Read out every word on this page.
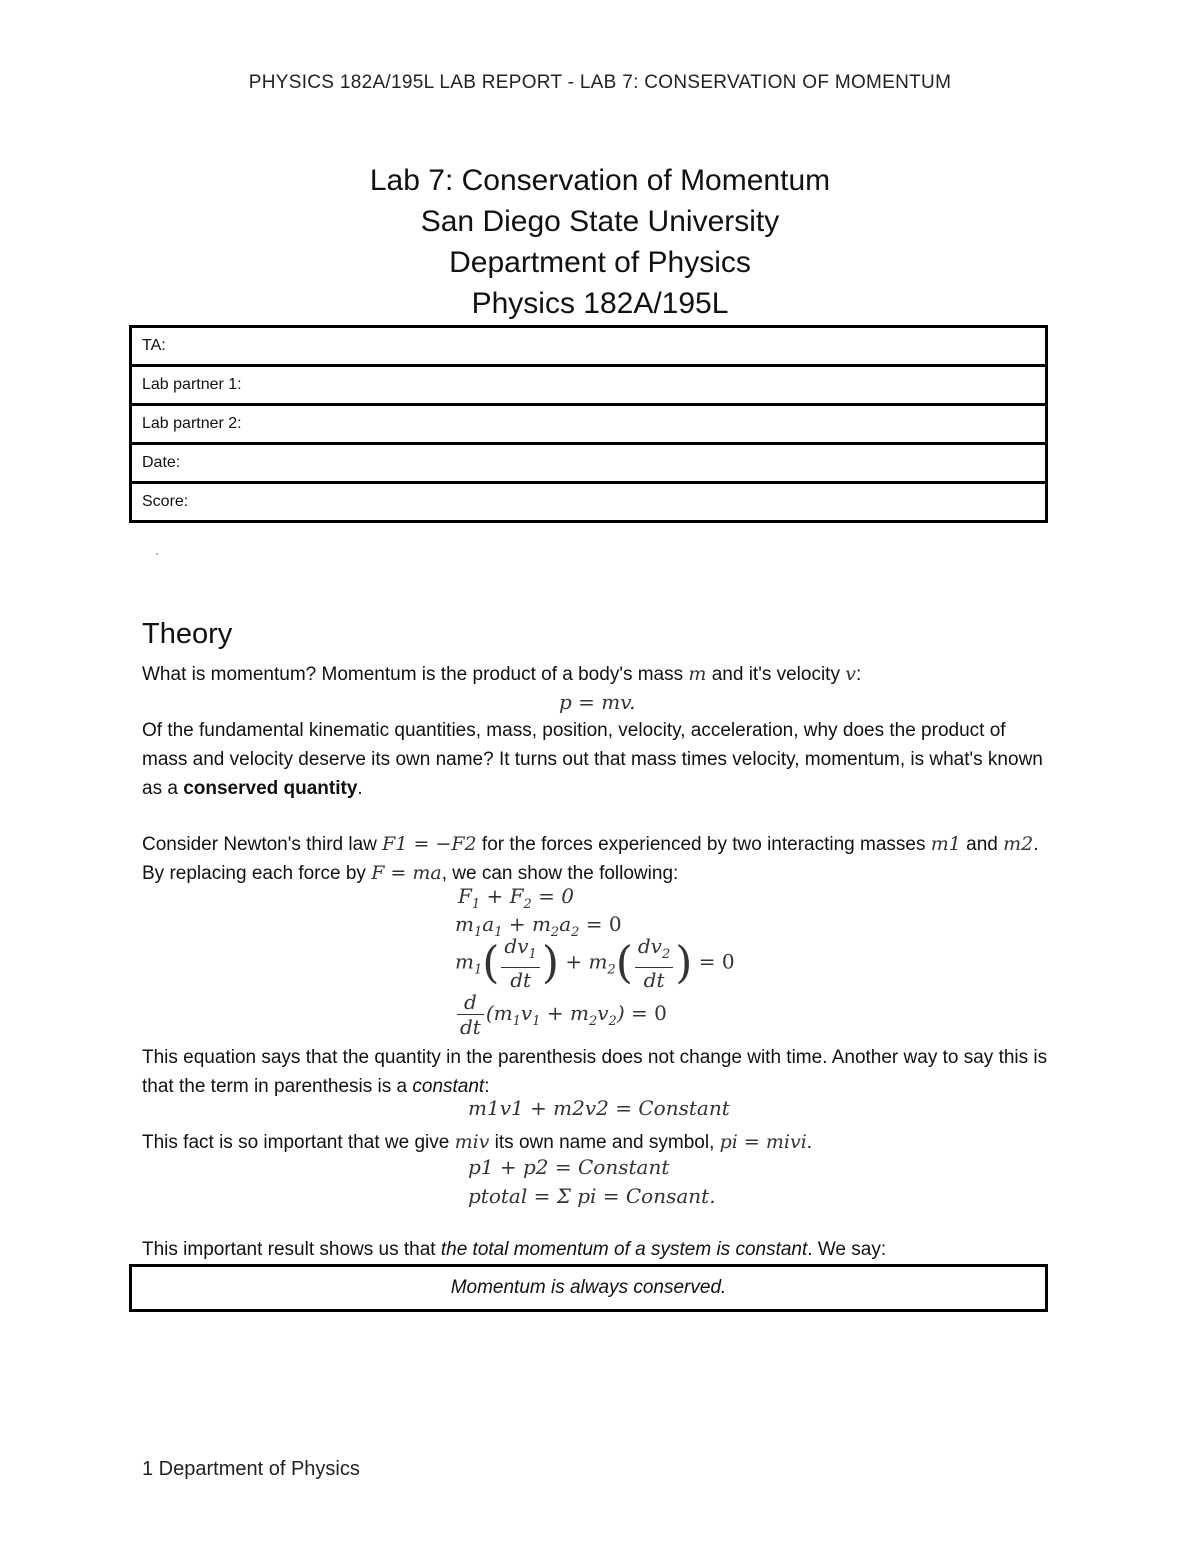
PHYSICS 182A/195L LAB REPORT - LAB 7: CONSERVATION OF MOMENTUM
Lab 7: Conservation of Momentum
San Diego State University
Department of Physics
Physics 182A/195L
TA:
Lab partner 1:
Lab partner 2:
Date:
Score:
Theory
What is momentum? Momentum is the product of a body's mass m and it's velocity v:
p = mv.
Of the fundamental kinematic quantities, mass, position, velocity, acceleration, why does the product of mass and velocity deserve its own name? It turns out that mass times velocity, momentum, is what's known as a conserved quantity.
Consider Newton's third law F1 = −F2 for the forces experienced by two interacting masses m1 and m2. By replacing each force by F = ma, we can show the following:
$F_1 + F_2 = 0$
$m_1a_1 + m_2a_2 = 0$
$m_1( \frac{dv_1}{dt}$ ) + $m_2( \frac{dv_2}{dt}$ ) = 0
$\frac{d}{dt} (m_1v_1 + m_2v_2) = 0$
This equation says that the quantity in the parenthesis does not change with time. Another way to say this is that the term in parenthesis is a constant:
m1v1 + m2v2 = Constant
This fact is so important that we give miv its own name and symbol, pi = mivi.
p1 + p2 = Constant
ptotal = Σ pi = Consant.
This important result shows us that the total momentum of a system is constant. We say:
Momentum is always conserved.
1 Department of Physics
